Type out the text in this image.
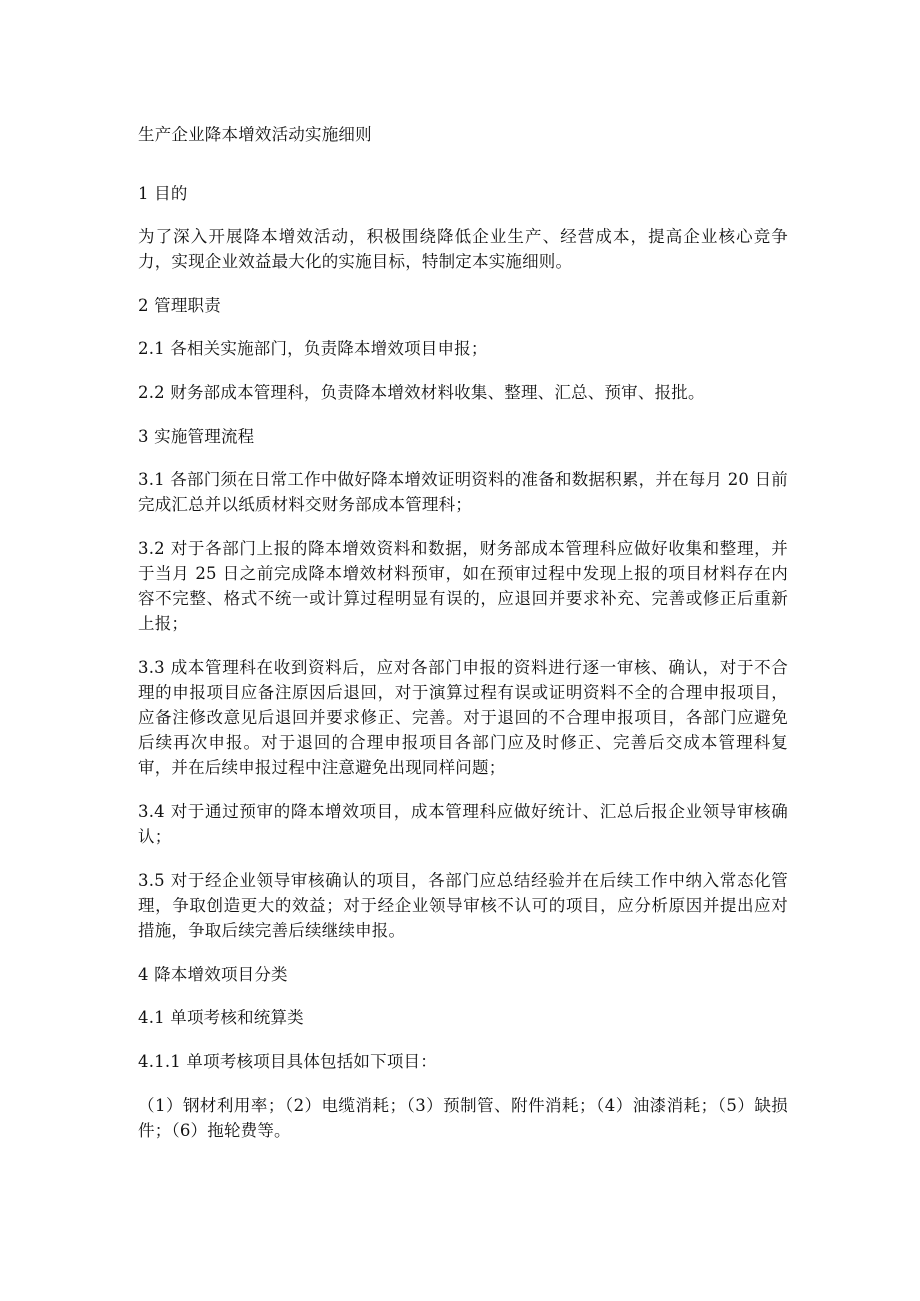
生产企业降本增效活动实施细则
1 目的

为了深入开展降本增效活动，积极围绕降低企业生产、经营成本，提高企业核心竞争力，实现企业效益最大化的实施目标，特制定本实施细则。

2 管理职责

2.1 各相关实施部门，负责降本增效项目申报；

2.2 财务部成本管理科，负责降本增效材料收集、整理、汇总、预审、报批。

3 实施管理流程

3.1 各部门须在日常工作中做好降本增效证明资料的准备和数据积累，并在每月 20 日前完成汇总并以纸质材料交财务部成本管理科；

3.2 对于各部门上报的降本增效资料和数据，财务部成本管理科应做好收集和整理，并于当月 25 日之前完成降本增效材料预审，如在预审过程中发现上报的项目材料存在内容不完整、格式不统一或计算过程明显有误的，应退回并要求补充、完善或修正后重新上报；

3.3 成本管理科在收到资料后，应对各部门申报的资料进行逐一审核、确认，对于不合理的申报项目应备注原因后退回，对于演算过程有误或证明资料不全的合理申报项目，应备注修改意见后退回并要求修正、完善。对于退回的不合理申报项目，各部门应避免后续再次申报。对于退回的合理申报项目各部门应及时修正、完善后交成本管理科复审，并在后续申报过程中注意避免出现同样问题；

3.4 对于通过预审的降本增效项目，成本管理科应做好统计、汇总后报企业领导审核确认；

3.5 对于经企业领导审核确认的项目，各部门应总结经验并在后续工作中纳入常态化管理，争取创造更大的效益；对于经企业领导审核不认可的项目，应分析原因并提出应对措施，争取后续完善后续继续申报。

4 降本增效项目分类

4.1 单项考核和统算类

4.1.1 单项考核项目具体包括如下项目：

（1）钢材利用率；（2）电缆消耗；（3）预制管、附件消耗；（4）油漆消耗；（5）缺损件；（6）拖轮费等。
